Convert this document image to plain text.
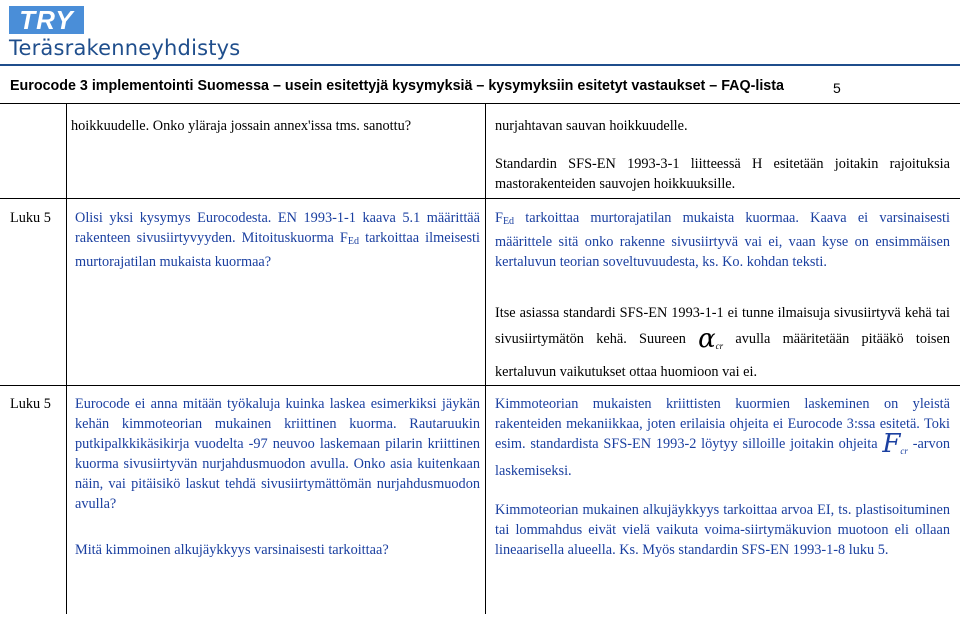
TRY
Teräsrakenneyhdistys
Eurocode 3 implementointi Suomessa – usein esitettyjä kysymyksiä – kysymyksiin esitetyt vastaukset – FAQ-lista	5
hoikkuudelle. Onko yläraja jossain annex'issa tms. sanottu?	nurjahtavan sauvan hoikkuudelle.
Standardin SFS-EN 1993-3-1 liitteessä H esitetään joitakin rajoituksia mastorakenteiden sauvojen hoikkuuksille.
Luku 5 Olisi yksi kysymys Eurocodesta. EN 1993-1-1 kaava 5.1 määrittää rakenteen sivusiirtyvyyden. Mitoituskuorma $F_{Ed}$ tarkoittaa ilmeisesti murtorajatilan mukaista kuormaa?
$F_{Ed}$ tarkoittaa murtorajatilan mukaista kuormaa. Kaava ei varsinaisesti määrittele sitä onko rakenne sivusiirtyvä vai ei, vaan kyse on ensimmäisen kertaluvun teorian soveltuvuudesta, ks. Ko. kohdan teksti.
Itse asiassa standardi SFS-EN 1993-1-1 ei tunne ilmaisuja sivusiirtyvä kehä tai sivusiirtymätön kehä. Suureen $\alpha_{cr}$ avulla määritetään pitääkö toisen kertaluvun vaikutukset ottaa huomioon vai ei.
Luku 5 Eurocode ei anna mitään työkaluja kuinka laskea esimerkiksi jäykän kehän kimmoteorian mukainen kriittinen kuorma. Rautaruukin putkipalkkikäsikirja vuodelta -97 neuvoo laskemaan pilarin kriittinen kuorma sivusiirtyvän nurjahdusmuodon avulla. Onko asia kuitenkaan näin, vai pitäisikö laskut tehdä sivusiirtymättömän nurjahdusmuodon avulla?
Mitä kimmoinen alkujäykkyys varsinaisesti tarkoittaa?
Kimmoteorian mukaisten kriittisten kuormien laskeminen on yleistä rakenteiden mekaniikkaa, joten erilaisia ohjeita ei Eurocode 3:ssa esitetä. Toki esim. standardista SFS-EN 1993-2 löytyy silloille joitakin ohjeita $F_{cr}$ -arvon laskemiseksi.
Kimmoteorian mukainen alkujäykkyys tarkoittaa arvoa EI, ts. plastisoituminen tai lommahdus eivät vielä vaikuta voima-siirtymäkuvion muotoon eli ollaan lineaarisella alueella. Ks. Myös standardin SFS-EN 1993-1-8 luku 5.
